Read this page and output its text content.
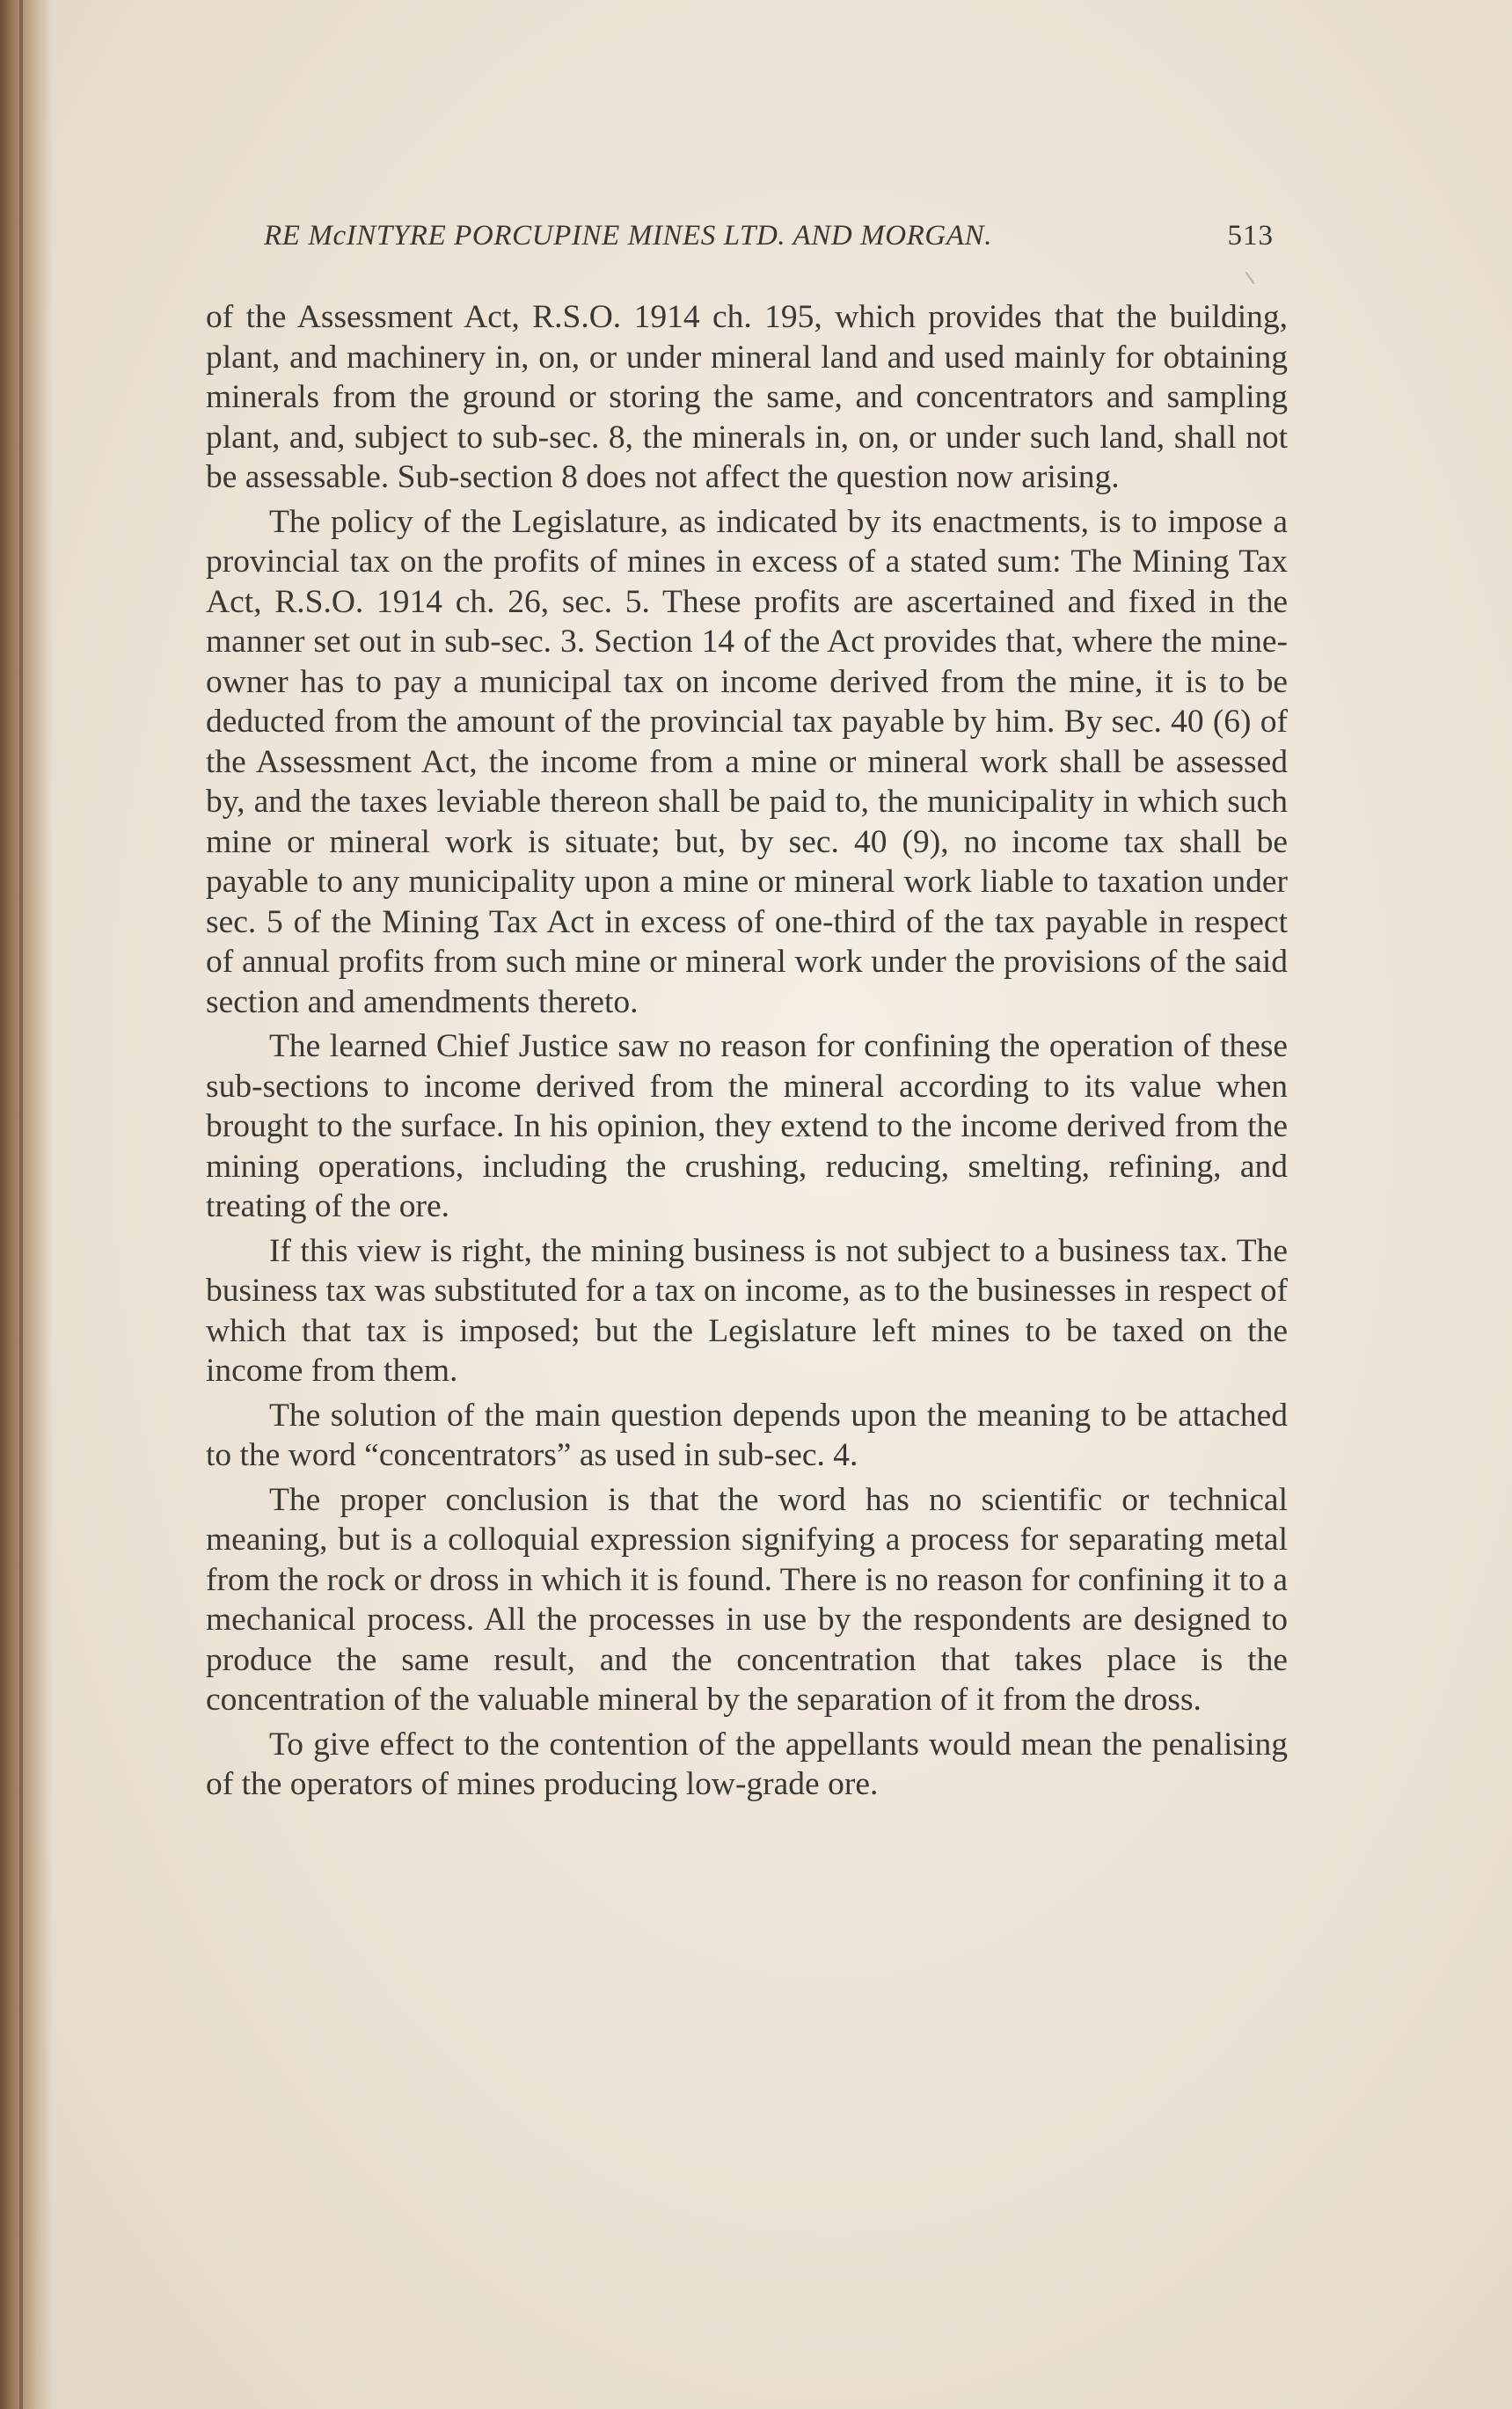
RE McINTYRE PORCUPINE MINES LTD. AND MORGAN.	513

of the Assessment Act, R.S.O. 1914 ch. 195, which provides that the building, plant, and machinery in, on, or under mineral land and used mainly for obtaining minerals from the ground or storing the same, and concentrators and sampling plant, and, subject to sub-sec. 8, the minerals in, on, or under such land, shall not be assessable. Sub-section 8 does not affect the question now arising.

The policy of the Legislature, as indicated by its enactments, is to impose a provincial tax on the profits of mines in excess of a stated sum: The Mining Tax Act, R.S.O. 1914 ch. 26, sec. 5. These profits are ascertained and fixed in the manner set out in sub-sec. 3. Section 14 of the Act provides that, where the mine-owner has to pay a municipal tax on income derived from the mine, it is to be deducted from the amount of the provincial tax payable by him. By sec. 40 (6) of the Assessment Act, the income from a mine or mineral work shall be assessed by, and the taxes leviable thereon shall be paid to, the municipality in which such mine or mineral work is situate; but, by sec. 40 (9), no income tax shall be payable to any municipality upon a mine or mineral work liable to taxation under sec. 5 of the Mining Tax Act in excess of one-third of the tax payable in respect of annual profits from such mine or mineral work under the provisions of the said section and amendments thereto.

The learned Chief Justice saw no reason for confining the operation of these sub-sections to income derived from the mineral according to its value when brought to the surface. In his opinion, they extend to the income derived from the mining operations, including the crushing, reducing, smelting, refining, and treating of the ore.

If this view is right, the mining business is not subject to a business tax. The business tax was substituted for a tax on income, as to the businesses in respect of which that tax is imposed; but the Legislature left mines to be taxed on the income from them.

The solution of the main question depends upon the meaning to be attached to the word “concentrators” as used in sub-sec. 4.

The proper conclusion is that the word has no scientific or technical meaning, but is a colloquial expression signifying a process for separating metal from the rock or dross in which it is found. There is no reason for confining it to a mechanical process. All the processes in use by the respondents are designed to produce the same result, and the concentration that takes place is the concentration of the valuable mineral by the separation of it from the dross.

To give effect to the contention of the appellants would mean the penalising of the operators of mines producing low-grade ore.
